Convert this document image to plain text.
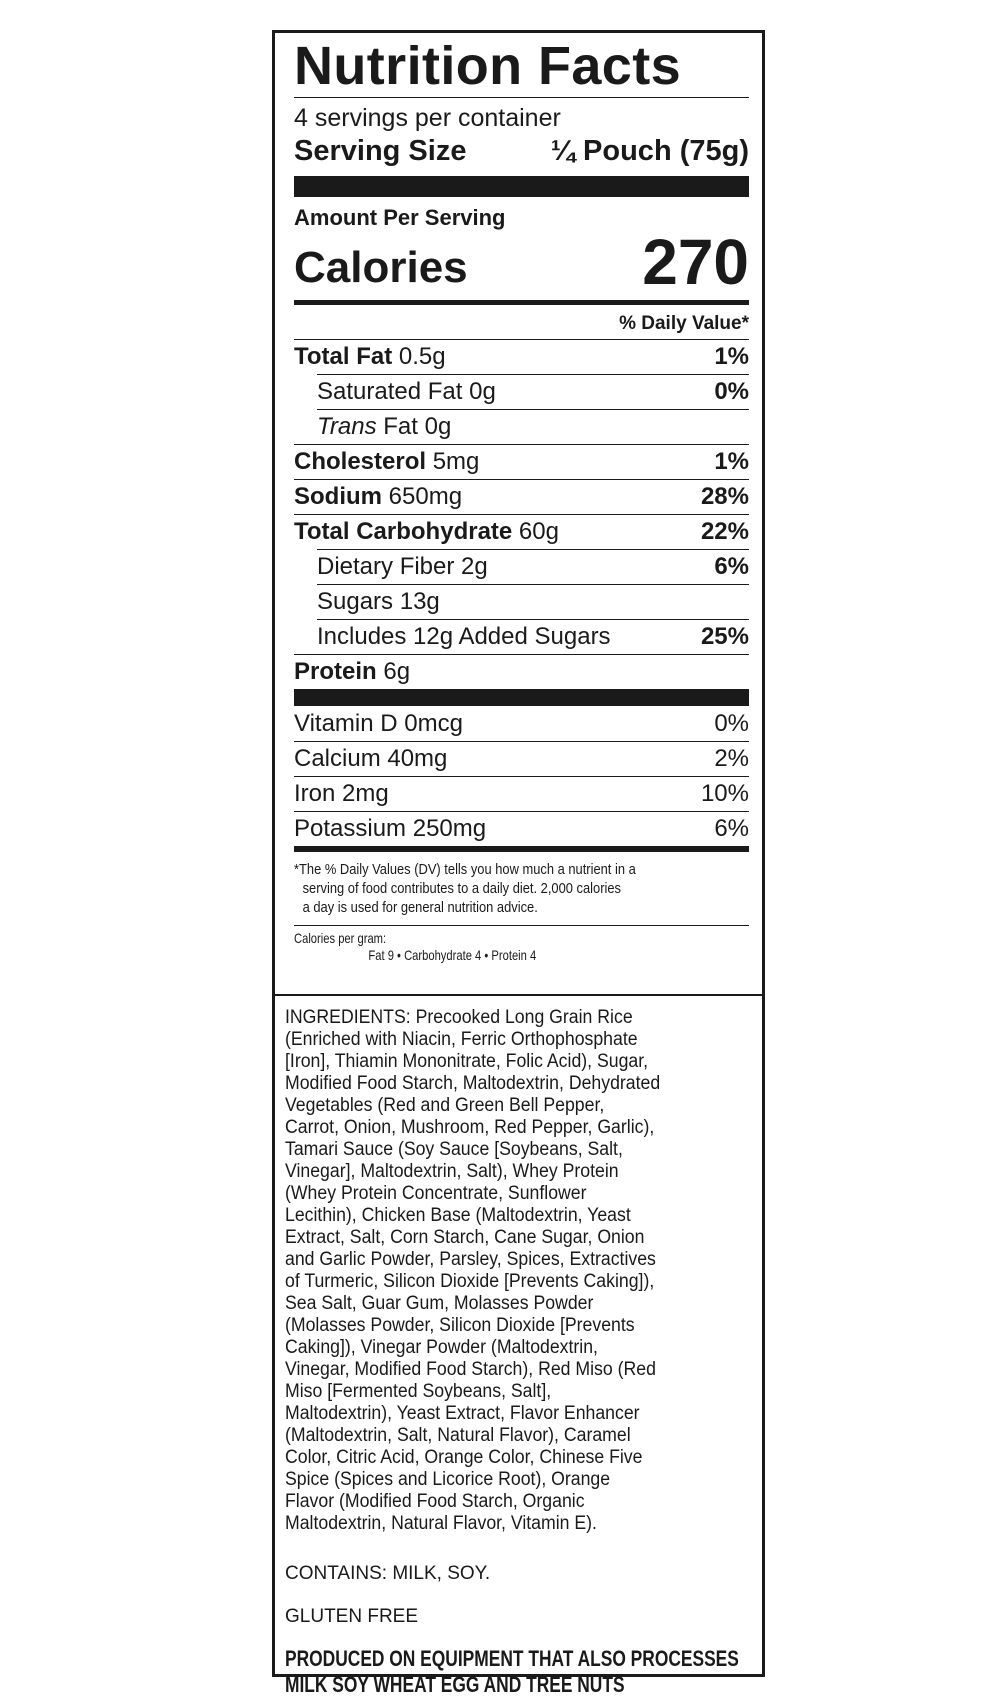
Nutrition Facts
4 servings per container
Serving Size	¼ Pouch (75g)
Amount Per Serving
Calories	270
% Daily Value*
Total Fat 0.5g	1%
Saturated Fat 0g	0%
Trans Fat 0g
Cholesterol 5mg	1%
Sodium 650mg	28%
Total Carbohydrate 60g	22%
Dietary Fiber 2g	6%
Sugars 13g
Includes 12g Added Sugars	25%
Protein 6g
Vitamin D 0mcg	0%
Calcium 40mg	2%
Iron 2mg	10%
Potassium 250mg	6%
*The % Daily Values (DV) tells you how much a nutrient in a
serving of food contributes to a daily diet. 2,000 calories
a day is used for general nutrition advice.
Calories per gram:
Fat 9 • Carbohydrate 4 • Protein 4
INGREDIENTS: Precooked Long Grain Rice
(Enriched with Niacin, Ferric Orthophosphate
[Iron], Thiamin Mononitrate, Folic Acid), Sugar,
Modified Food Starch, Maltodextrin, Dehydrated
Vegetables (Red and Green Bell Pepper,
Carrot, Onion, Mushroom, Red Pepper, Garlic),
Tamari Sauce (Soy Sauce [Soybeans, Salt,
Vinegar], Maltodextrin, Salt), Whey Protein
(Whey Protein Concentrate, Sunflower
Lecithin), Chicken Base (Maltodextrin, Yeast
Extract, Salt, Corn Starch, Cane Sugar, Onion
and Garlic Powder, Parsley, Spices, Extractives
of Turmeric, Silicon Dioxide [Prevents Caking]),
Sea Salt, Guar Gum, Molasses Powder
(Molasses Powder, Silicon Dioxide [Prevents
Caking]), Vinegar Powder (Maltodextrin,
Vinegar, Modified Food Starch), Red Miso (Red
Miso [Fermented Soybeans, Salt],
Maltodextrin), Yeast Extract, Flavor Enhancer
(Maltodextrin, Salt, Natural Flavor), Caramel
Color, Citric Acid, Orange Color, Chinese Five
Spice (Spices and Licorice Root), Orange
Flavor (Modified Food Starch, Organic
Maltodextrin, Natural Flavor, Vitamin E).
CONTAINS: MILK, SOY.
GLUTEN FREE
PRODUCED ON EQUIPMENT THAT ALSO PROCESSES
MILK SOY WHEAT EGG AND TREE NUTS
